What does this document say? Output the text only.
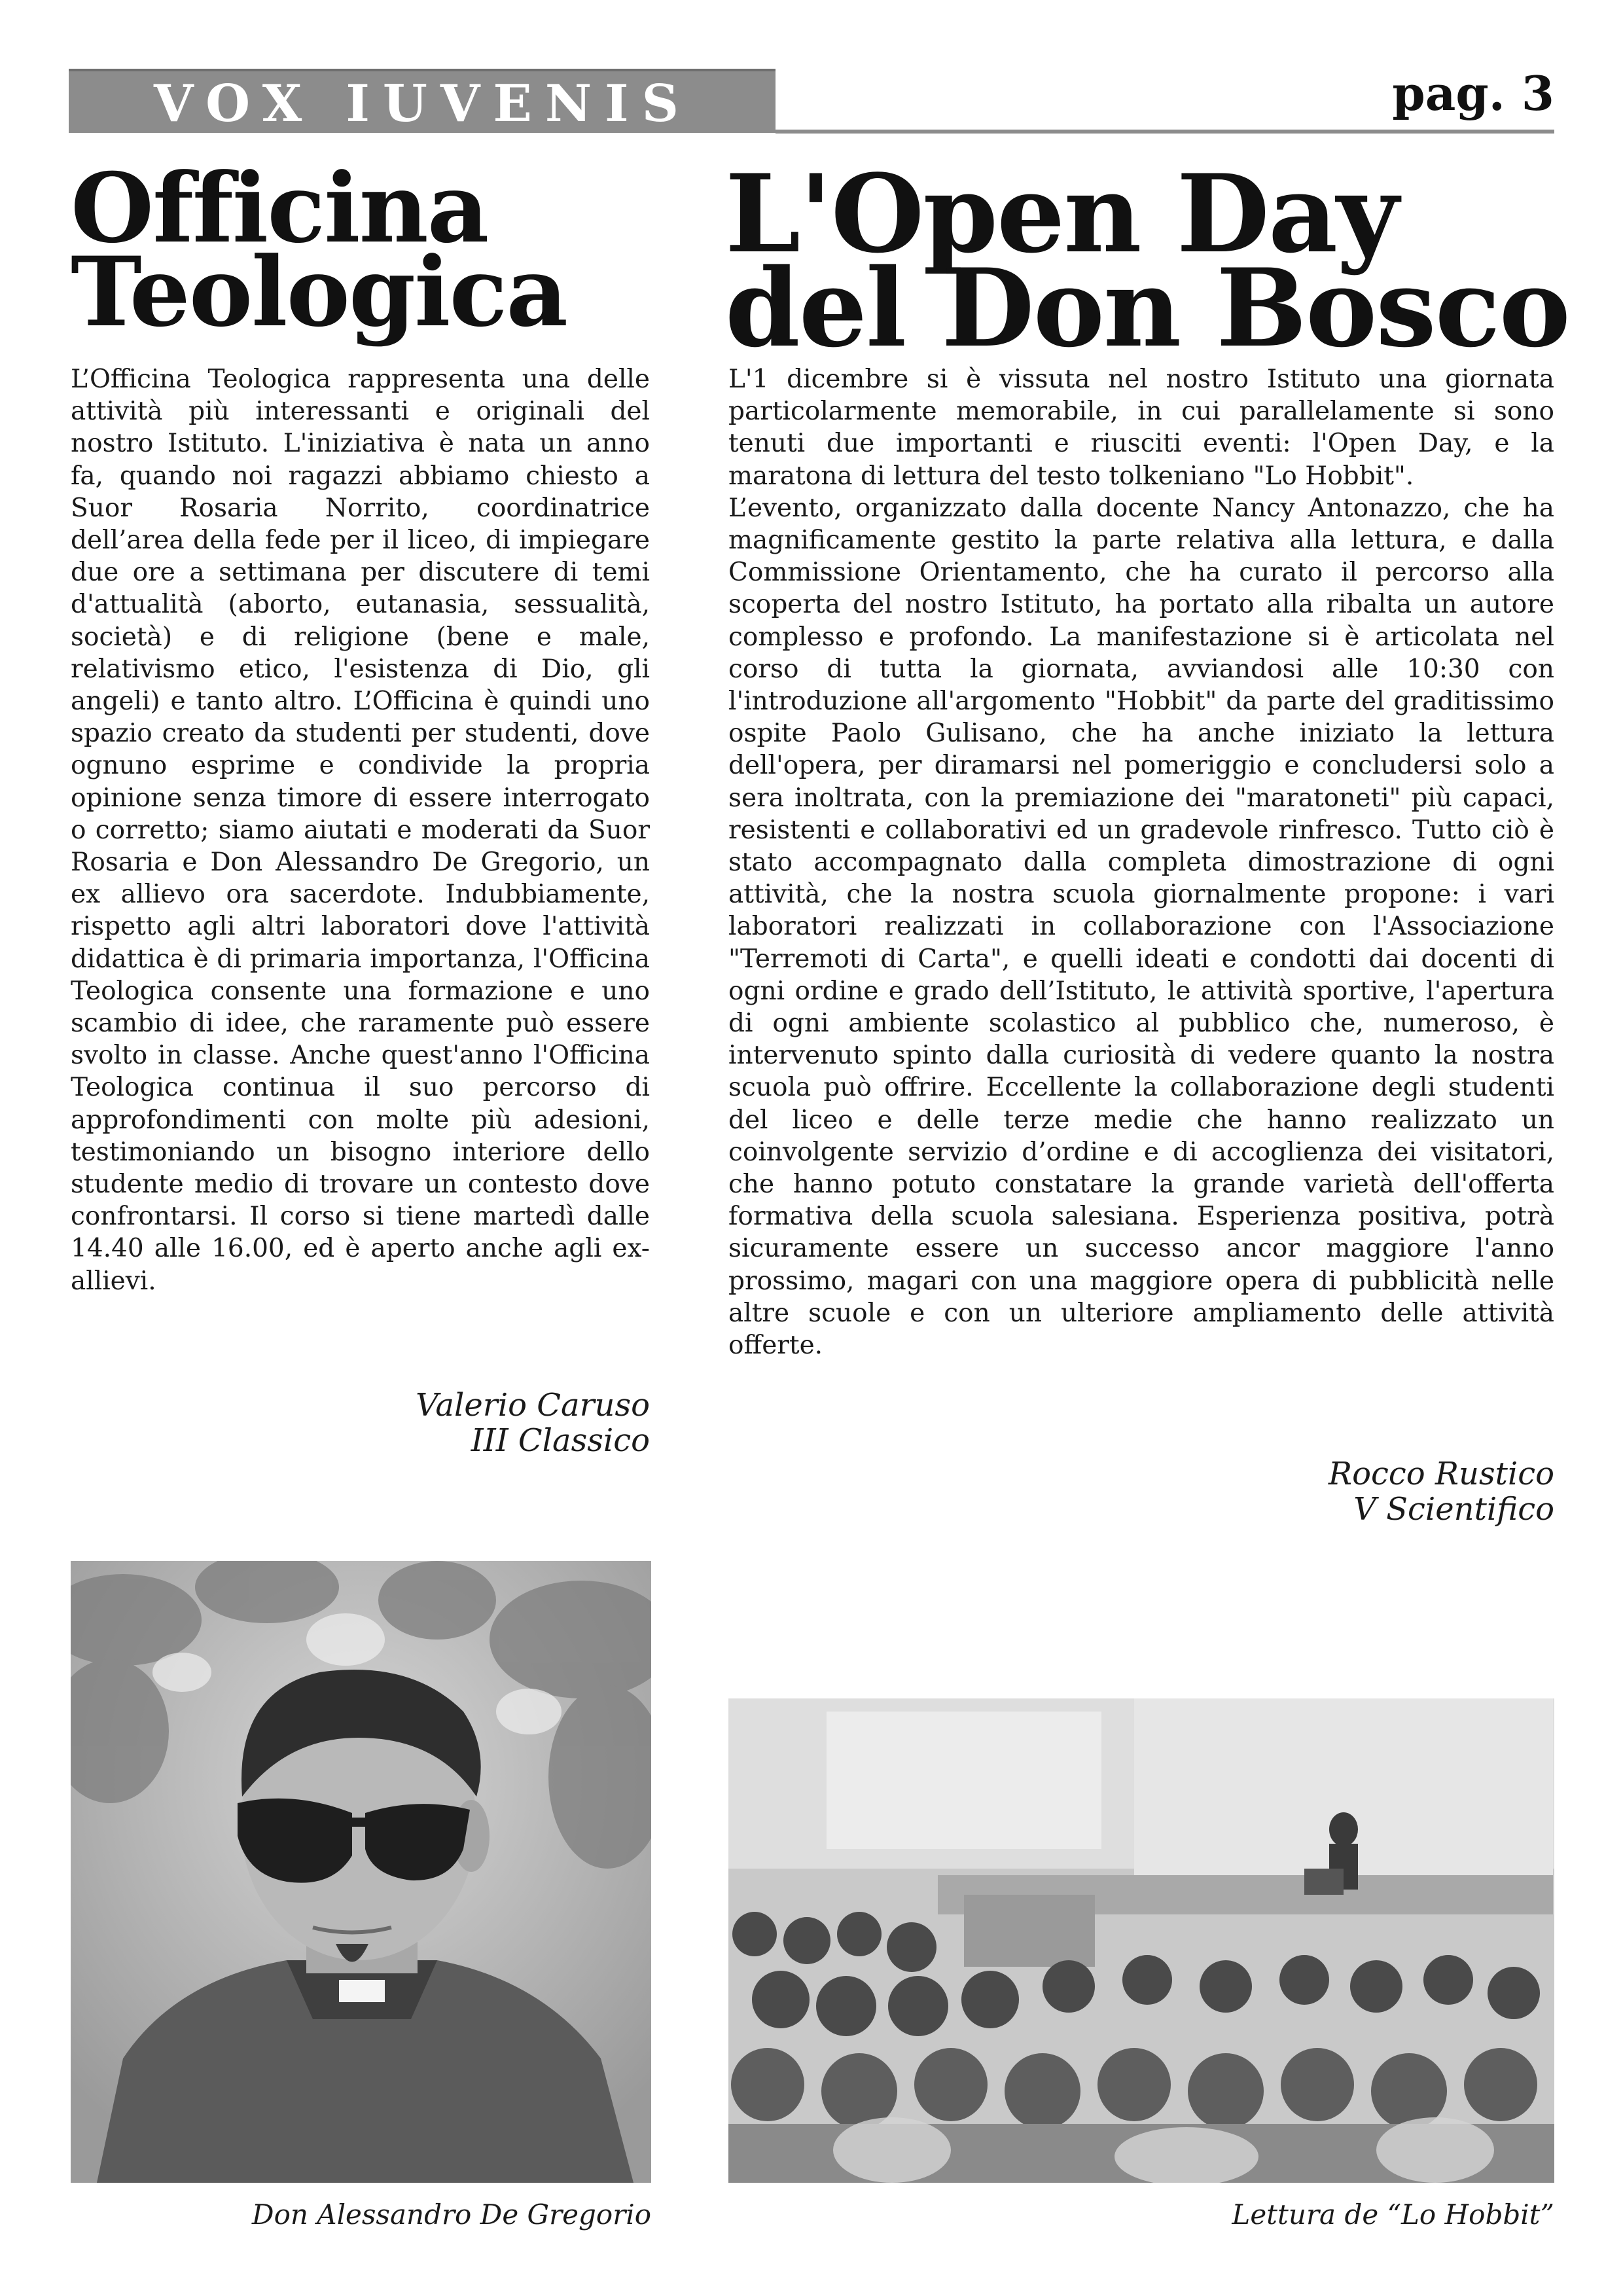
VOX IUVENIS	pag. 3
Officina
Teologica

L’Officina Teologica rappresenta una delle attività più interessanti e originali del nostro Istituto. L'iniziativa è nata un anno fa, quando noi ragazzi abbiamo chiesto a Suor Rosaria Norrito, coordinatrice dell’area della fede per il liceo, di impiegare due ore a settimana per discutere di temi d'attualità (aborto, eutanasia, sessualità, società) e di religione (bene e male, relativismo etico, l'esistenza di Dio, gli angeli) e tanto altro. L’Officina è quindi uno spazio creato da studenti per studenti, dove ognuno esprime e condivide la propria opinione senza timore di essere interrogato o corretto; siamo aiutati e moderati da Suor Rosaria e Don Alessandro De Gregorio, un ex allievo ora sacerdote. Indubbiamente, rispetto agli altri laboratori dove l'attività didattica è di primaria importanza, l'Officina Teologica consente una formazione e uno scambio di idee, che raramente può essere svolto in classe. Anche quest'anno l'Officina Teologica continua il suo percorso di approfondimenti con molte più adesioni, testimoniando un bisogno interiore dello studente medio di trovare un contesto dove confrontarsi. Il corso si tiene martedì dalle 14.40 alle 16.00, ed è aperto anche agli ex-allievi.

Valerio Caruso
III Classico
L'Open Day
del Don Bosco

L'1 dicembre si è vissuta nel nostro Istituto una giornata particolarmente memorabile, in cui parallelamente si sono tenuti due importanti e riusciti eventi: l'Open Day, e la maratona di lettura del testo tolkeniano "Lo Hobbit".

L’evento, organizzato dalla docente Nancy Antonazzo, che ha magnificamente gestito la parte relativa alla lettura, e dalla Commissione Orientamento, che ha curato il percorso alla scoperta del nostro Istituto, ha portato alla ribalta un autore complesso e profondo. La manifestazione si è articolata nel corso di tutta la giornata, avviandosi alle 10:30 con l'introduzione all'argomento "Hobbit" da parte del graditissimo ospite Paolo Gulisano, che ha anche iniziato la lettura dell'opera, per diramarsi nel pomeriggio e concludersi solo a sera inoltrata, con la premiazione dei "maratoneti" più capaci, resistenti e collaborativi ed un gradevole rinfresco. Tutto ciò è stato accompagnato dalla completa dimostrazione di ogni attività, che la nostra scuola giornalmente propone: i vari laboratori realizzati in collaborazione con l'Associazione "Terremoti di Carta", e quelli ideati e condotti dai docenti di ogni ordine e grado dell’Istituto, le attività sportive, l'apertura di ogni ambiente scolastico al pubblico che, numeroso, è intervenuto spinto dalla curiosità di vedere quanto la nostra scuola può offrire. Eccellente la collaborazione degli studenti del liceo e delle terze medie che hanno realizzato un coinvolgente servizio d’ordine e di accoglienza dei visitatori, che hanno potuto constatare la grande varietà dell'offerta formativa della scuola salesiana. Esperienza positiva, potrà sicuramente essere un successo ancor maggiore l'anno prossimo, magari con una maggiore opera di pubblicità nelle altre scuole e con un ulteriore ampliamento delle attività offerte.

Rocco Rustico
V Scientifico
Don Alessandro De Gregorio	Lettura de “Lo Hobbit”
